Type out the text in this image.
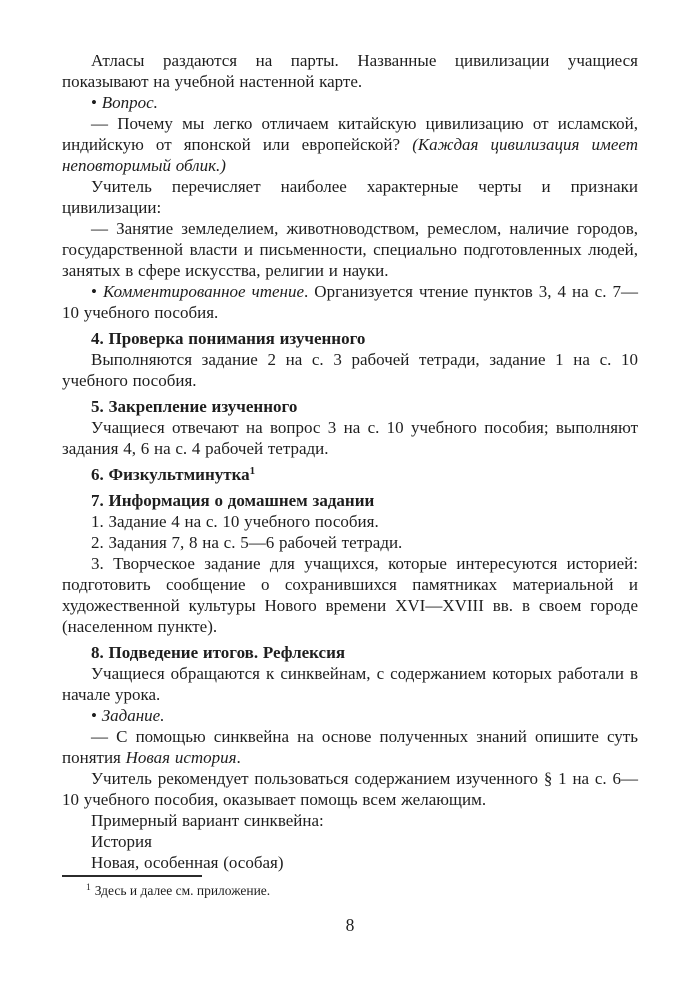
Атласы раздаются на парты. Названные цивилизации учащиеся показывают на учебной настенной карте.

• Вопрос.

— Почему мы легко отличаем китайскую цивилизацию от исламской, индийскую от японской или европейской? (Каждая цивилизация имеет неповторимый облик.)

Учитель перечисляет наиболее характерные черты и признаки цивилизации:

— Занятие земледелием, животноводством, ремеслом, наличие городов, государственной власти и письменности, специально подготовленных людей, занятых в сфере искусства, религии и науки.

• Комментированное чтение. Организуется чтение пунктов 3, 4 на с. 7—10 учебного пособия.

4. Проверка понимания изученного

Выполняются задание 2 на с. 3 рабочей тетради, задание 1 на с. 10 учебного пособия.

5. Закрепление изученного

Учащиеся отвечают на вопрос 3 на с. 10 учебного пособия; выполняют задания 4, 6 на с. 4 рабочей тетради.

6. Физкультминутка$^1$

7. Информация о домашнем задании

1. Задание 4 на с. 10 учебного пособия.

2. Задания 7, 8 на с. 5—6 рабочей тетради.

3. Творческое задание для учащихся, которые интересуются историей: подготовить сообщение о сохранившихся памятниках материальной и художественной культуры Нового времени XVI—XVIII вв. в своем городе (населенном пункте).

8. Подведение итогов. Рефлексия

Учащиеся обращаются к синквейнам, с содержанием которых работали в начале урока.

• Задание.

— С помощью синквейна на основе полученных знаний опишите суть понятия Новая история.

Учитель рекомендует пользоваться содержанием изученного § 1 на с. 6—10 учебного пособия, оказывает помощь всем желающим.

Примерный вариант синквейна:

История

Новая, особенная (особая)

$^1$ Здесь и далее см. приложение.

8
